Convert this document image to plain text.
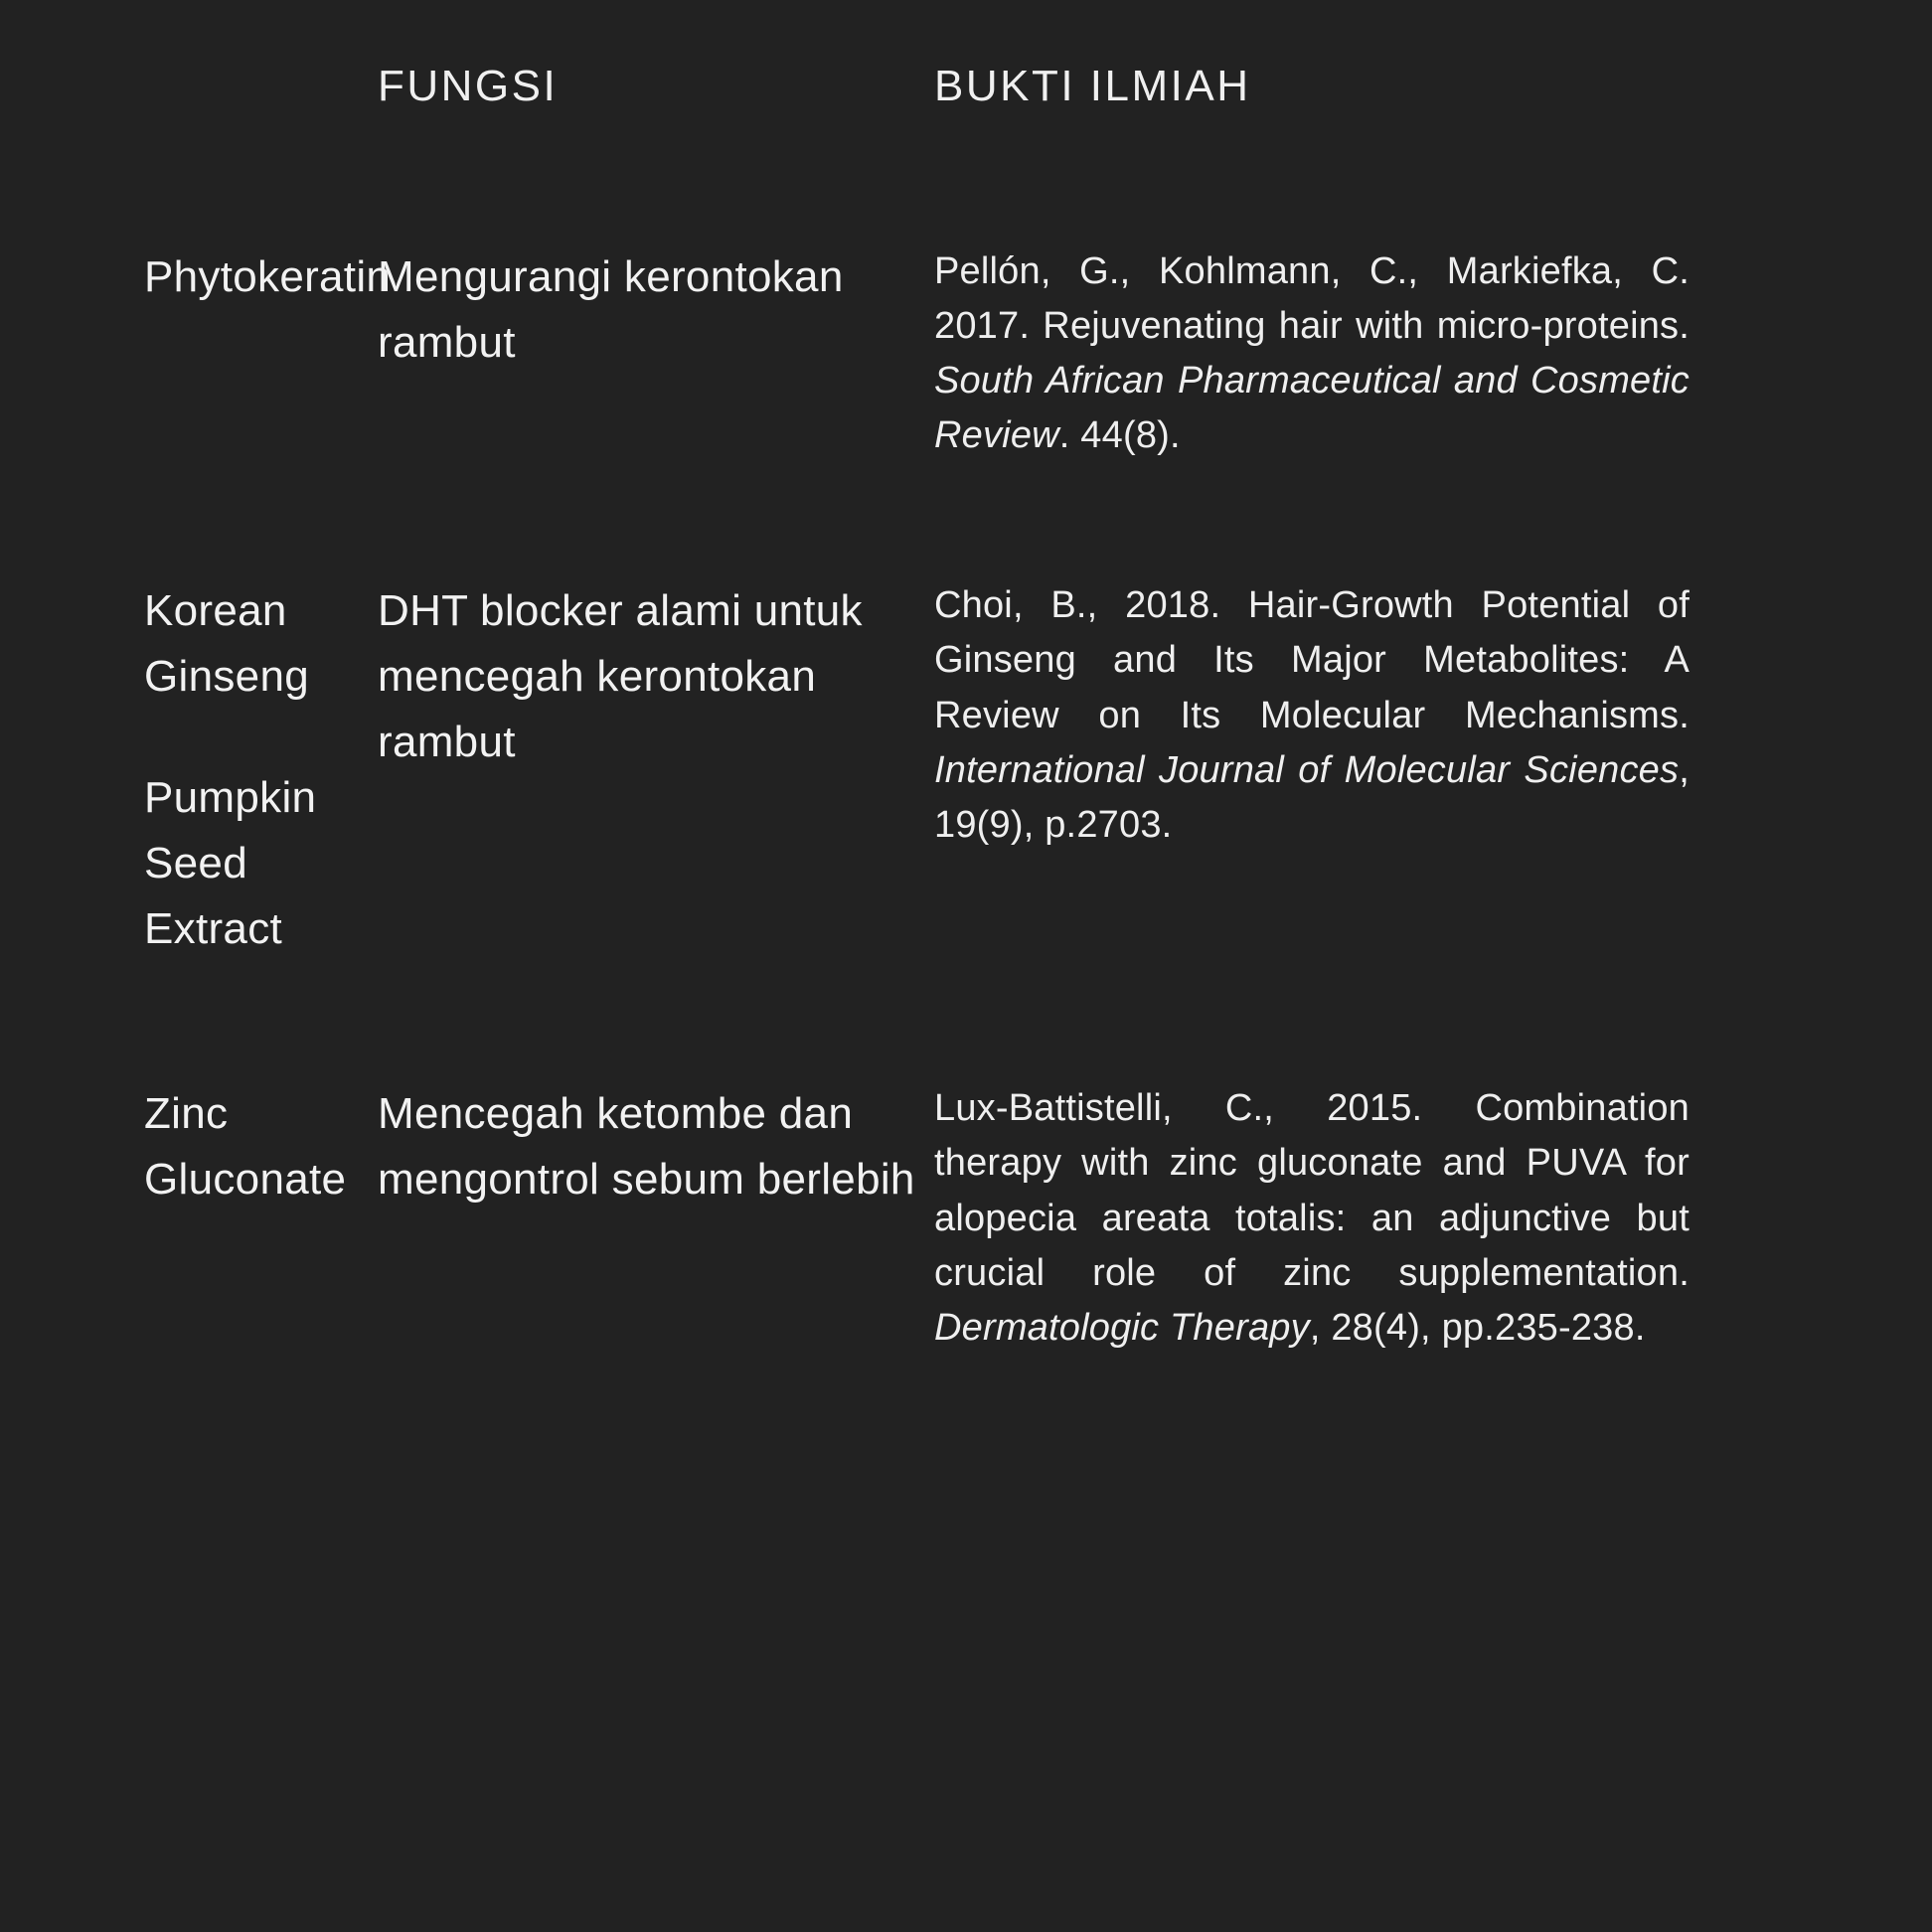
FUNGSI	BUKTI ILMIAH
Phytokeratin
Mengurangi kerontokan rambut
Pellón, G., Kohlmann, C., Markiefka, C. 2017. Rejuvenating hair with micro-proteins. South African Pharmaceutical and Cosmetic Review. 44(8).
Korean Ginseng
Pumpkin Seed Extract
DHT blocker alami untuk mencegah kerontokan rambut
Choi, B., 2018. Hair-Growth Potential of Ginseng and Its Major Metabolites: A Review on Its Molecular Mechanisms. International Journal of Molecular Sciences, 19(9), p.2703.
Zinc Gluconate
Mencegah ketombe dan mengontrol sebum berlebih
Lux-Battistelli, C., 2015. Combination therapy with zinc gluconate and PUVA for alopecia areata totalis: an adjunctive but crucial role of zinc supplementation. Dermatologic Therapy, 28(4), pp.235-238.
